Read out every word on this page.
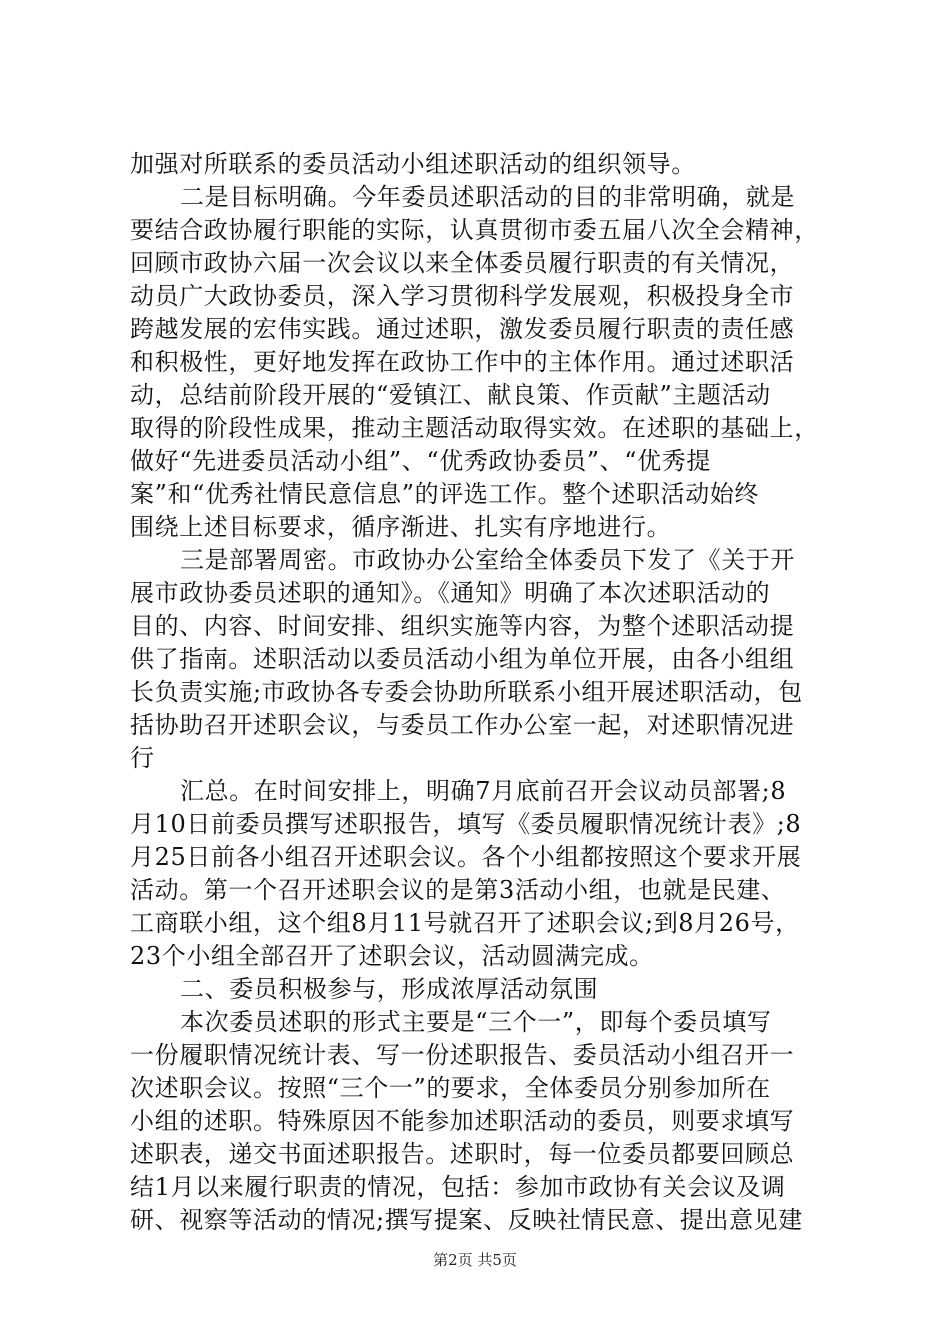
加强对所联系的委员活动小组述职活动的组织领导。
二是目标明确。今年委员述职活动的目的非常明确，就是
要结合政协履行职能的实际，认真贯彻市委五届八次全会精神，
回顾市政协六届一次会议以来全体委员履行职责的有关情况，
动员广大政协委员，深入学习贯彻科学发展观，积极投身全市
跨越发展的宏伟实践。通过述职，激发委员履行职责的责任感
和积极性，更好地发挥在政协工作中的主体作用。通过述职活
动，总结前阶段开展的“爱镇江、献良策、作贡献”主题活动
取得的阶段性成果，推动主题活动取得实效。在述职的基础上，
做好“先进委员活动小组”、“优秀政协委员”、“优秀提
案”和“优秀社情民意信息”的评选工作。整个述职活动始终
围绕上述目标要求，循序渐进、扎实有序地进行。
三是部署周密。市政协办公室给全体委员下发了《关于开
展市政协委员述职的通知》。《通知》明确了本次述职活动的
目的、内容、时间安排、组织实施等内容，为整个述职活动提
供了指南。述职活动以委员活动小组为单位开展，由各小组组
长负责实施;市政协各专委会协助所联系小组开展述职活动，包
括协助召开述职会议，与委员工作办公室一起，对述职情况进
行
汇总。在时间安排上，明确7月底前召开会议动员部署;8
月10日前委员撰写述职报告，填写《委员履职情况统计表》;8
月25日前各小组召开述职会议。各个小组都按照这个要求开展
活动。第一个召开述职会议的是第3活动小组，也就是民建、
工商联小组，这个组8月11号就召开了述职会议;到8月26号，
23个小组全部召开了述职会议，活动圆满完成。
二、委员积极参与，形成浓厚活动氛围
本次委员述职的形式主要是“三个一”，即每个委员填写
一份履职情况统计表、写一份述职报告、委员活动小组召开一
次述职会议。按照“三个一”的要求，全体委员分别参加所在
小组的述职。特殊原因不能参加述职活动的委员，则要求填写
述职表，递交书面述职报告。述职时，每一位委员都要回顾总
结1月以来履行职责的情况，包括：参加市政协有关会议及调
研、视察等活动的情况;撰写提案、反映社情民意、提出意见建
第2页 共5页
